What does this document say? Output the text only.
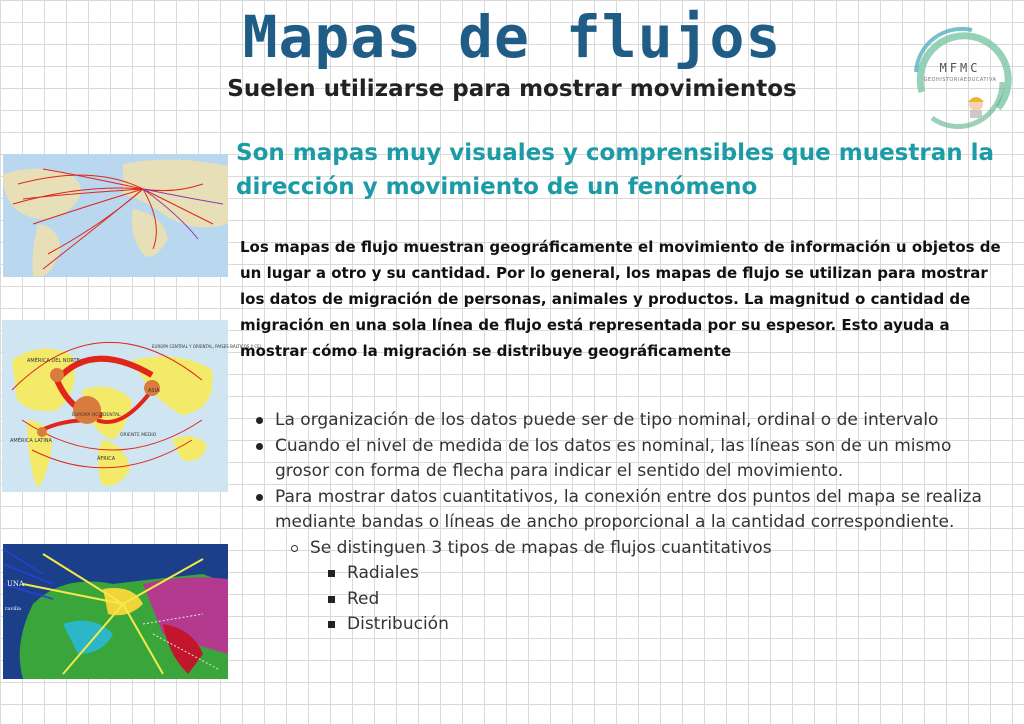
Mapas de flujos
Suelen utilizarse para mostrar movimientos
MFMC
GEOHISTORIAEDUCATIVA
AMÉRICA DEL NORTE
EUROPA CENTRAL Y ORIENTAL, PAÍSES BÁLTICOS Y CEI
EUROPA OCCIDENTAL
ASIA
ORIENTE MEDIO
AMÉRICA LATINA
ÁFRICA
UNA
ravilla

Son mapas muy visuales y comprensibles que muestran la dirección y movimiento de un fenómeno

Los mapas de flujo muestran geográficamente el movimiento de información u objetos de un lugar a otro y su cantidad. Por lo general, los mapas de flujo se utilizan para mostrar los datos de migración de personas, animales y productos. La magnitud o cantidad de migración en una sola línea de flujo está representada por su espesor. Esto ayuda a mostrar cómo la migración se distribuye geográficamente

La organización de los datos puede ser de tipo nominal, ordinal o de intervalo
Cuando el nivel de medida de los datos es nominal, las líneas son de un mismo grosor con forma de flecha para indicar el sentido del movimiento.
Para mostrar datos cuantitativos, la conexión entre dos puntos del mapa se realiza mediante bandas o líneas de ancho proporcional a la cantidad correspondiente.
Se distinguen 3 tipos de mapas de flujos cuantitativos
Radiales
Red
Distribución
